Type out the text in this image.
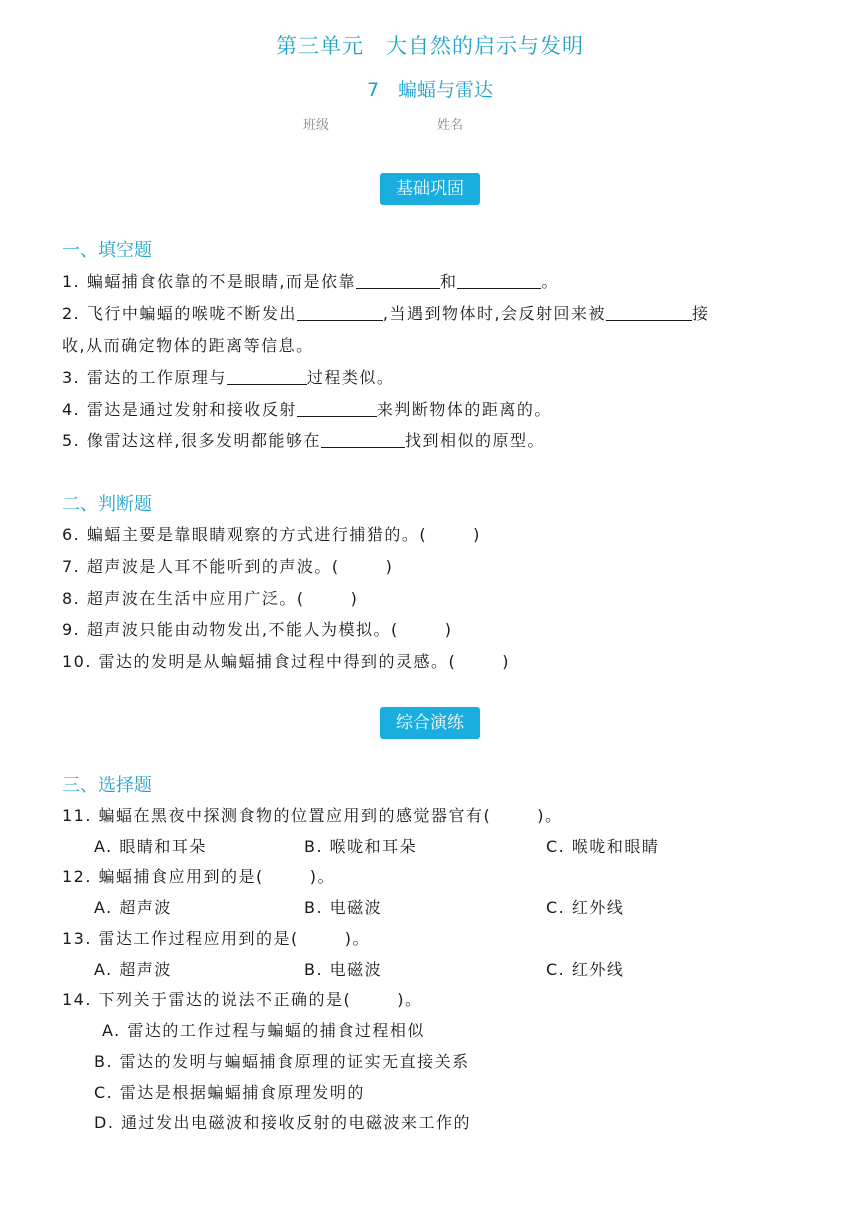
第三单元　大自然的启示与发明
7　蝙蝠与雷达
班级	姓名
基础巩固
一、填空题
1. 蝙蝠捕食依靠的不是眼睛,而是依靠	和	。
2. 飞行中蝙蝠的喉咙不断发出	,当遇到物体时,会反射回来被	接
收,从而确定物体的距离等信息。
3. 雷达的工作原理与	过程类似。
4. 雷达是通过发射和接收反射	来判断物体的距离的。
5. 像雷达这样,很多发明都能够在	找到相似的原型。
二、判断题
6. 蝙蝠主要是靠眼睛观察的方式进行捕猎的。(	)
7. 超声波是人耳不能听到的声波。(	)
8. 超声波在生活中应用广泛。(	)
9. 超声波只能由动物发出,不能人为模拟。(	)
10. 雷达的发明是从蝙蝠捕食过程中得到的灵感。(	)
综合演练
三、选择题
11. 蝙蝠在黑夜中探测食物的位置应用到的感觉器官有(	)。
A. 眼睛和耳朵	B. 喉咙和耳朵	C. 喉咙和眼睛
12. 蝙蝠捕食应用到的是(	)。
A. 超声波	B. 电磁波	C. 红外线
13. 雷达工作过程应用到的是(	)。
A. 超声波	B. 电磁波	C. 红外线
14. 下列关于雷达的说法不正确的是(	)。
A. 雷达的工作过程与蝙蝠的捕食过程相似
B. 雷达的发明与蝙蝠捕食原理的证实无直接关系
C. 雷达是根据蝙蝠捕食原理发明的
D. 通过发出电磁波和接收反射的电磁波来工作的
